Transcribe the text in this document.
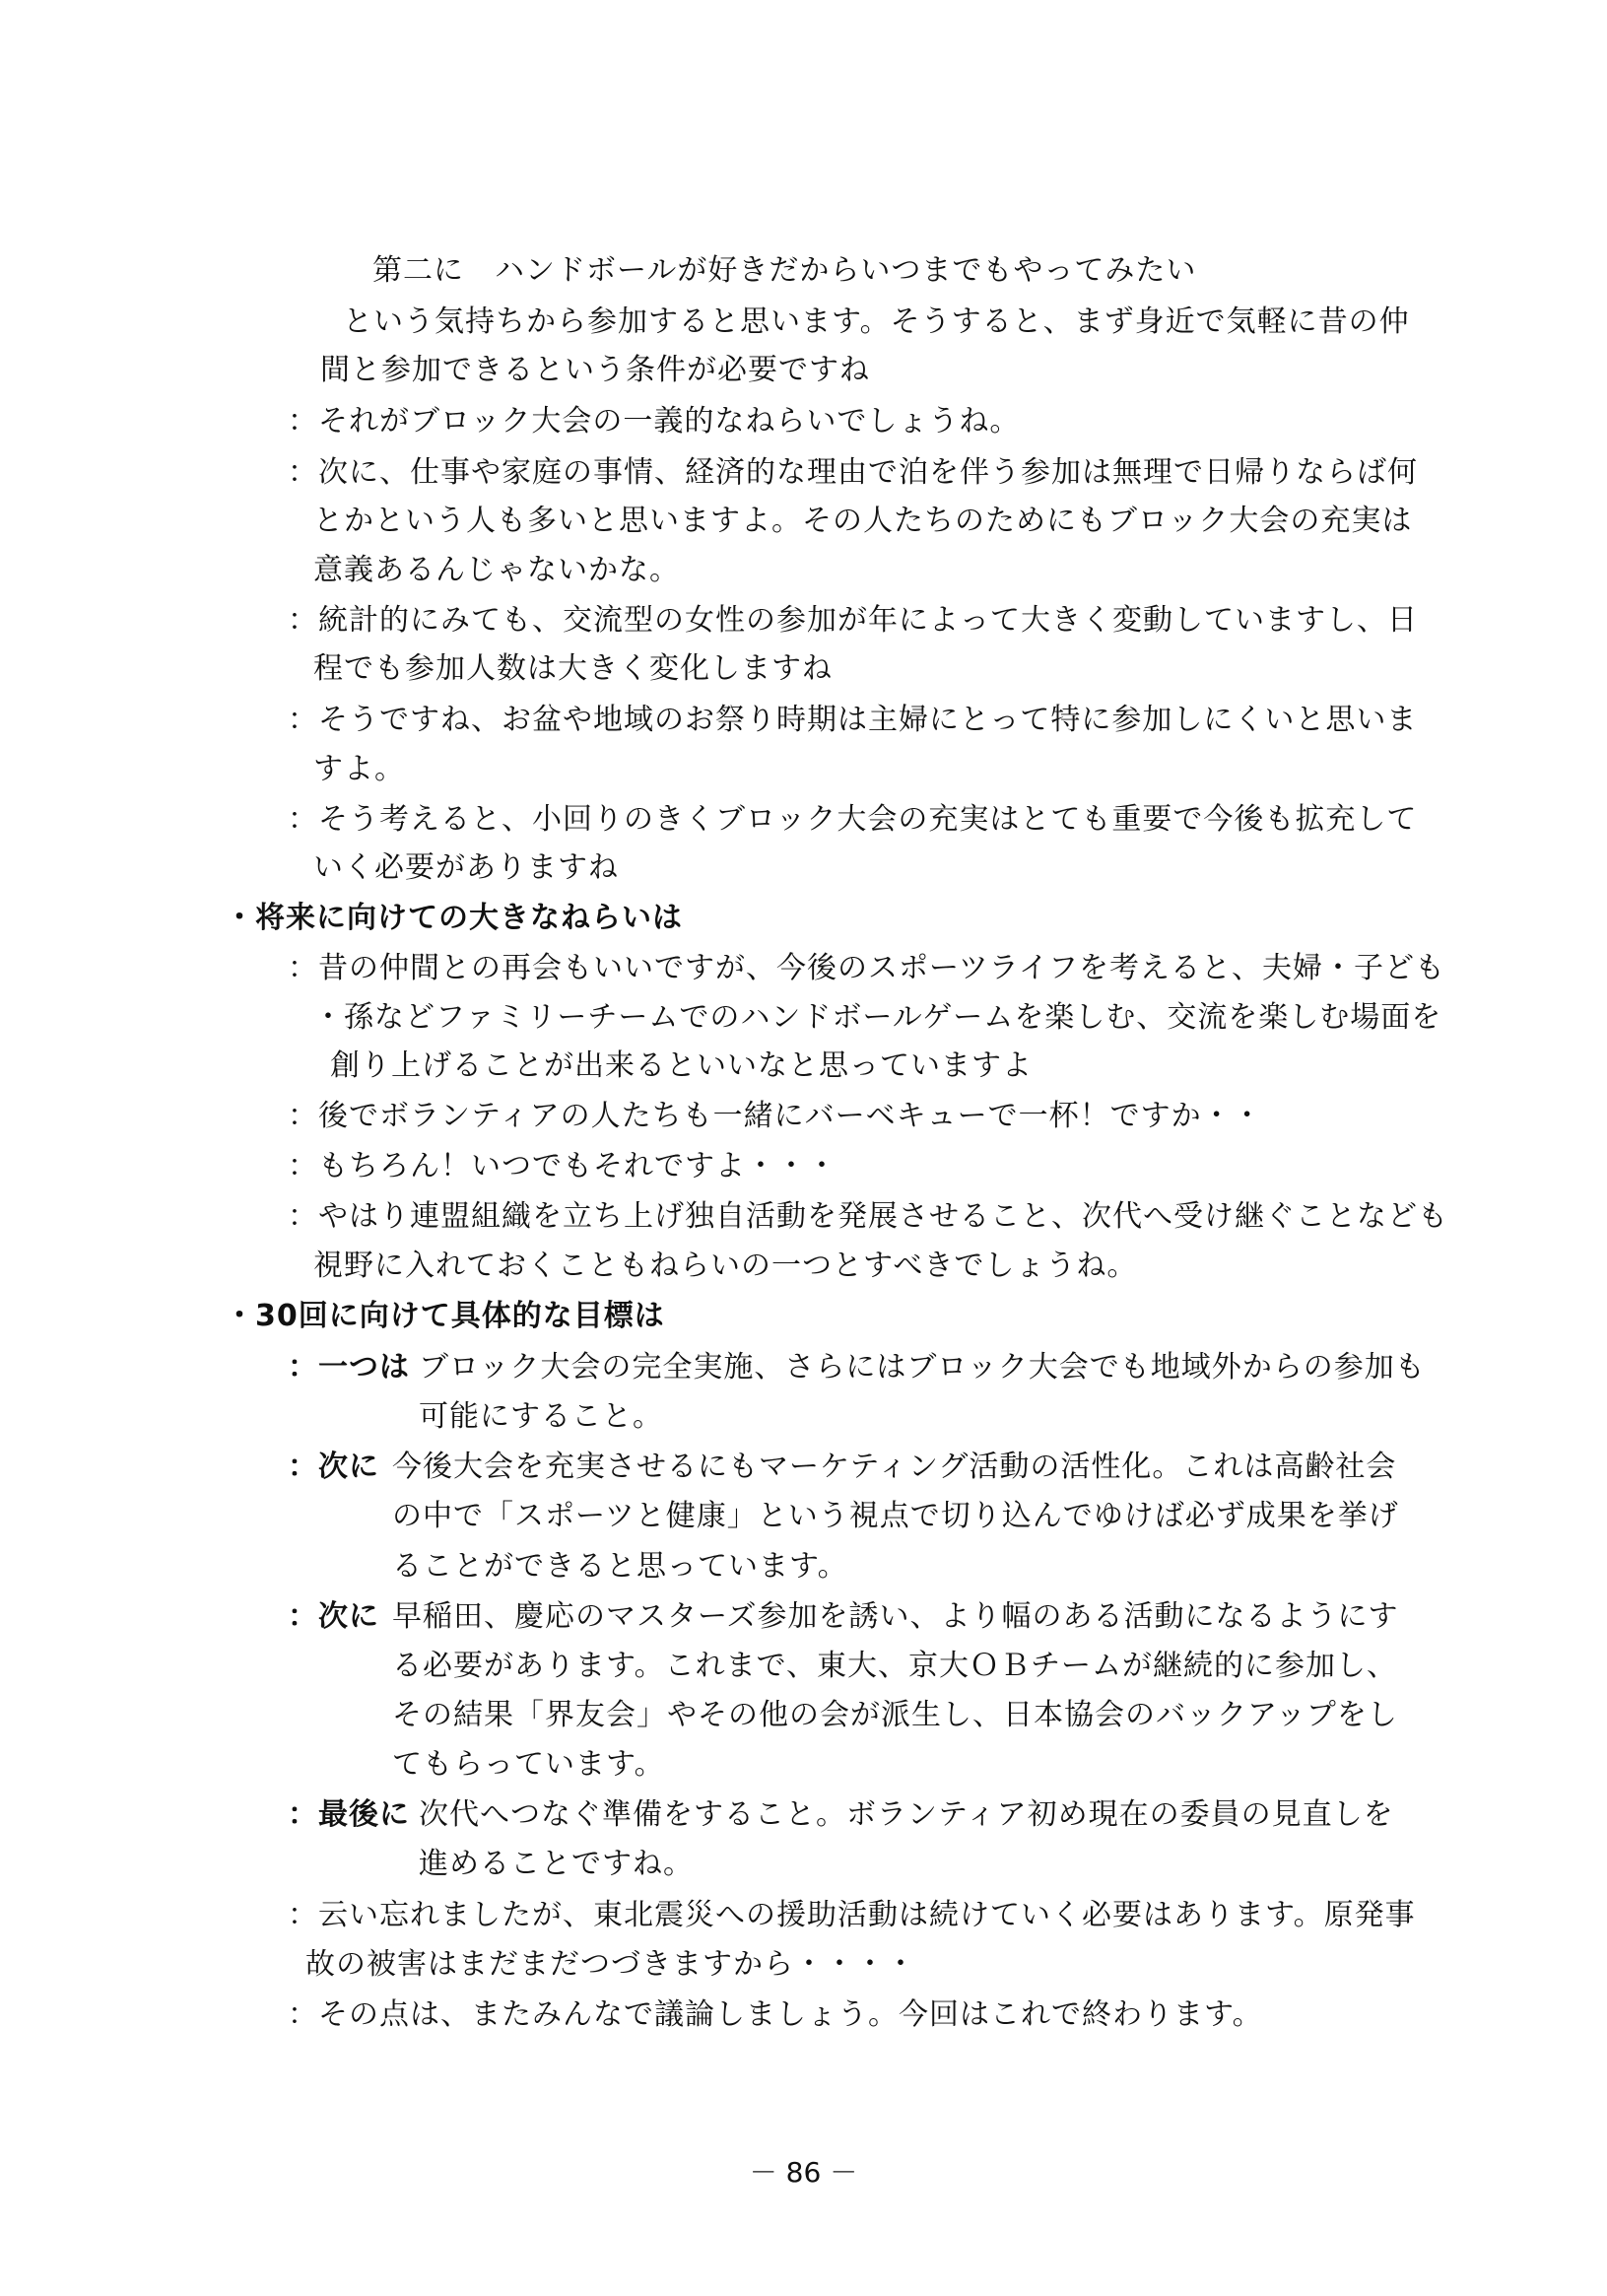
第二に　ハンドボールが好きだからいつまでもやってみたい
という気持ちから参加すると思います。そうすると、まず身近で気軽に昔の仲
間と参加できるという条件が必要ですね
：それがブロック大会の一義的なねらいでしょうね。
：次に、仕事や家庭の事情、経済的な理由で泊を伴う参加は無理で日帰りならば何
とかという人も多いと思いますよ。その人たちのためにもブロック大会の充実は
意義あるんじゃないかな。
：統計的にみても、交流型の女性の参加が年によって大きく変動していますし、日
程でも参加人数は大きく変化しますね
：そうですね、お盆や地域のお祭り時期は主婦にとって特に参加しにくいと思いま
すよ。
：そう考えると、小回りのきくブロック大会の充実はとても重要で今後も拡充して
いく必要がありますね
・将来に向けての大きなねらいは
：昔の仲間との再会もいいですが、今後のスポーツライフを考えると、夫婦・子ども
・孫などファミリーチームでのハンドボールゲームを楽しむ、交流を楽しむ場面を
創り上げることが出来るといいなと思っていますよ
：後でボランティアの人たちも一緒にバーベキューで一杯！ですか・・
：もちろん！いつでもそれですよ・・・
：やはり連盟組織を立ち上げ独自活動を発展させること、次代へ受け継ぐことなども
視野に入れておくこともねらいの一つとすべきでしょうね。
・30回に向けて具体的な目標は
：一つは ブロック大会の完全実施、さらにはブロック大会でも地域外からの参加も
可能にすること。
：次に 今後大会を充実させるにもマーケティング活動の活性化。これは高齢社会
の中で「スポーツと健康」という視点で切り込んでゆけば必ず成果を挙げ
ることができると思っています。
：次に 早稲田、慶応のマスターズ参加を誘い、より幅のある活動になるようにす
る必要があります。これまで、東大、京大ＯＢチームが継続的に参加し、
その結果「界友会」やその他の会が派生し、日本協会のバックアップをし
てもらっています。
：最後に 次代へつなぐ準備をすること。ボランティア初め現在の委員の見直しを
進めることですね。
：云い忘れましたが、東北震災への援助活動は続けていく必要はあります。原発事
故の被害はまだまだつづきますから・・・・
：その点は、またみんなで議論しましょう。今回はこれで終わります。
－ 86 －
